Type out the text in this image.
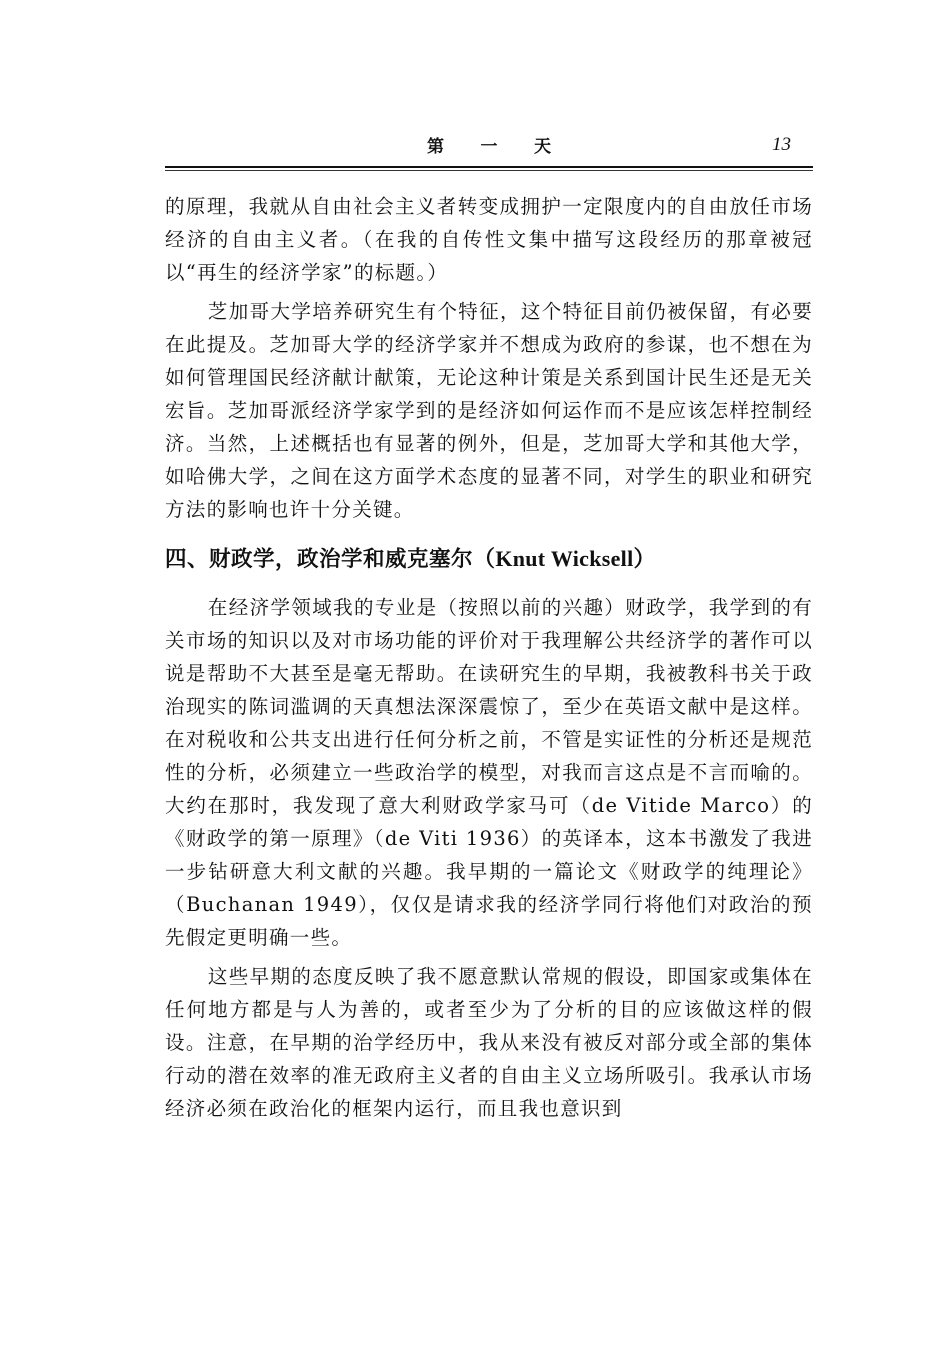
第 一 天	13

的原理，我就从自由社会主义者转变成拥护一定限度内的自由放任市场经济的自由主义者。（在我的自传性文集中描写这段经历的那章被冠以“再生的经济学家”的标题。）

芝加哥大学培养研究生有个特征，这个特征目前仍被保留，有必要在此提及。芝加哥大学的经济学家并不想成为政府的参谋，也不想在为如何管理国民经济献计献策，无论这种计策是关系到国计民生还是无关宏旨。芝加哥派经济学家学到的是经济如何运作而不是应该怎样控制经济。当然，上述概括也有显著的例外，但是，芝加哥大学和其他大学，如哈佛大学，之间在这方面学术态度的显著不同，对学生的职业和研究方法的影响也许十分关键。

四、财政学，政治学和威克塞尔（Knut Wicksell）

在经济学领域我的专业是（按照以前的兴趣）财政学，我学到的有关市场的知识以及对市场功能的评价对于我理解公共经济学的著作可以说是帮助不大甚至是毫无帮助。在读研究生的早期，我被教科书关于政治现实的陈词滥调的天真想法深深震惊了，至少在英语文献中是这样。在对税收和公共支出进行任何分析之前，不管是实证性的分析还是规范性的分析，必须建立一些政治学的模型，对我而言这点是不言而喻的。大约在那时，我发现了意大利财政学家马可（de Vitide Marco）的《财政学的第一原理》（de Viti 1936）的英译本，这本书激发了我进一步钻研意大利文献的兴趣。我早期的一篇论文《财政学的纯理论》（Buchanan 1949），仅仅是请求我的经济学同行将他们对政治的预先假定更明确一些。

这些早期的态度反映了我不愿意默认常规的假设，即国家或集体在任何地方都是与人为善的，或者至少为了分析的目的应该做这样的假设。注意，在早期的治学经历中，我从来没有被反对部分或全部的集体行动的潜在效率的准无政府主义者的自由主义立场所吸引。我承认市场经济必须在政治化的框架内运行，而且我也意识到
